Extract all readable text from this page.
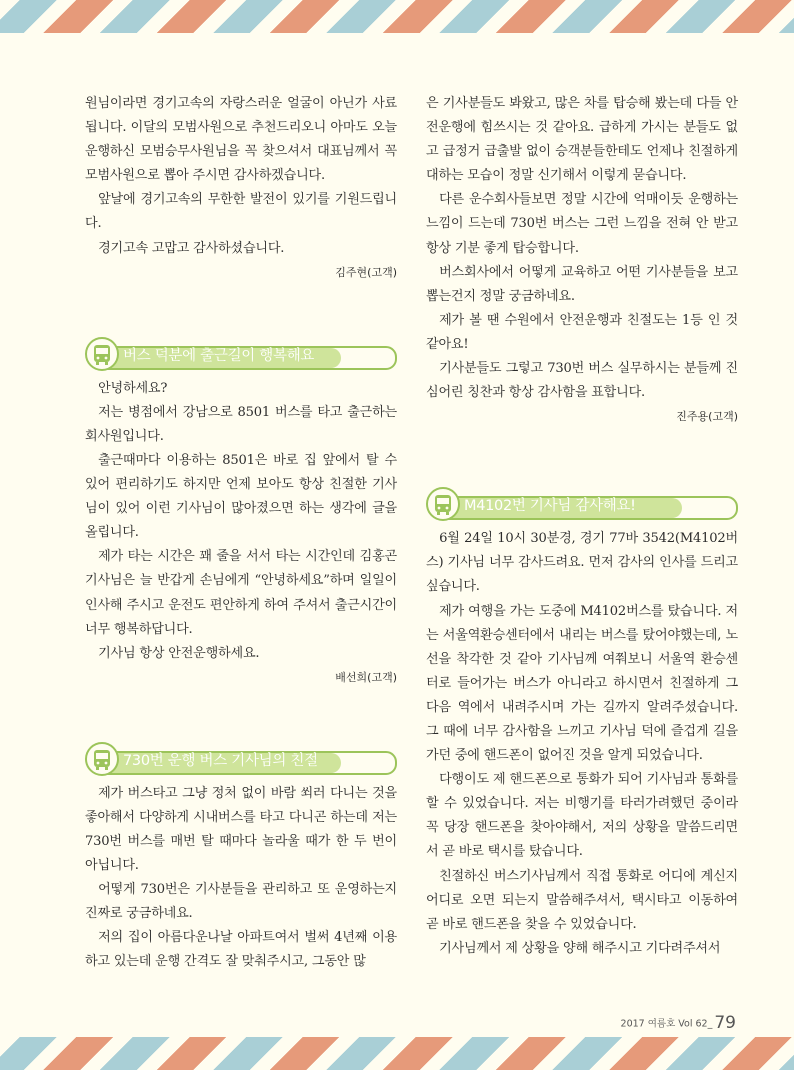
원님이라면 경기고속의 자랑스러운 얼굴이 아닌가 사료됩니다. 이달의 모범사원으로 추천드리오니 아마도 오늘 운행하신 모범승무사원님을 꼭 찾으셔서 대표님께서 꼭 모범사원으로 뽑아 주시면 감사하겠습니다.

앞날에 경기고속의 무한한 발전이 있기를 기원드립니다.

경기고속 고맙고 감사하셨습니다.

김주현(고객)
버스 덕분에 출근길이 행복해요

안녕하세요?

저는 병점에서 강남으로 8501 버스를 타고 출근하는 회사원입니다.

출근때마다 이용하는 8501은 바로 집 앞에서 탈 수 있어 편리하기도 하지만 언제 보아도 항상 친절한 기사님이 있어 이런 기사님이 많아졌으면 하는 생각에 글을 올립니다.

제가 타는 시간은 꽤 줄을 서서 타는 시간인데 김홍곤 기사님은 늘 반갑게 손님에게 “안녕하세요”하며 일일이 인사해 주시고 운전도 편안하게 하여 주셔서 출근시간이 너무 행복하답니다.

기사님 항상 안전운행하세요.

배선희(고객)
730번 운행 버스 기사님의 친절

제가 버스타고 그냥 정처 없이 바람 쐬러 다니는 것을 좋아해서 다양하게 시내버스를 타고 다니곤 하는데 저는 730번 버스를 매번 탈 때마다 놀라울 때가 한 두 번이 아닙니다.

어떻게 730번은 기사분들을 관리하고 또 운영하는지 진짜로 궁금하네요.

저의 집이 아름다운나날 아파트여서 벌써 4년째 이용하고 있는데 운행 간격도 잘 맞춰주시고, 그동안 많

은 기사분들도 봐왔고, 많은 차를 탑승해 봤는데 다들 안전운행에 힘쓰시는 것 같아요. 급하게 가시는 분들도 없고 급정거 급출발 없이 승객분들한테도 언제나 친절하게 대하는 모습이 정말 신기해서 이렇게 묻습니다.

다른 운수회사들보면 정말 시간에 억매이듯 운행하는 느낌이 드는데 730번 버스는 그런 느낌을 전혀 안 받고 항상 기분 좋게 탑승합니다.

버스회사에서 어떻게 교육하고 어떤 기사분들을 보고 뽑는건지 정말 궁금하네요.

제가 볼 땐 수원에서 안전운행과 친절도는 1등 인 것 같아요!

기사분들도 그렇고 730번 버스 실무하시는 분들께 진심어린 칭찬과 항상 감사함을 표합니다.

진주용(고객)
M4102번 기사님 감사해요!

6월 24일 10시 30분경, 경기 77바 3542(M4102버스) 기사님 너무 감사드려요. 먼저 감사의 인사를 드리고 싶습니다.

제가 여행을 가는 도중에 M4102버스를 탔습니다. 저는 서울역환승센터에서 내리는 버스를 탔어야했는데, 노선을 착각한 것 같아 기사님께 여쭤보니 서울역 환승센터로 들어가는 버스가 아니라고 하시면서 친절하게 그 다음 역에서 내려주시며 가는 길까지 알려주셨습니다. 그 때에 너무 감사함을 느끼고 기사님 덕에 즐겁게 길을 가던 중에 핸드폰이 없어진 것을 알게 되었습니다.

다행이도 제 핸드폰으로 통화가 되어 기사님과 통화를 할 수 있었습니다. 저는 비행기를 타러가려했던 중이라 꼭 당장 핸드폰을 찾아야해서, 저의 상황을 말씀드리면서 곧 바로 택시를 탔습니다.

친절하신 버스기사님께서 직접 통화로 어디에 계신지 어디로 오면 되는지 말씀해주셔서, 택시타고 이동하여 곧 바로 핸드폰을 찾을 수 있었습니다.

기사님께서 제 상황을 양해 해주시고 기다려주셔서

2017 여름호 Vol 62_ 79
